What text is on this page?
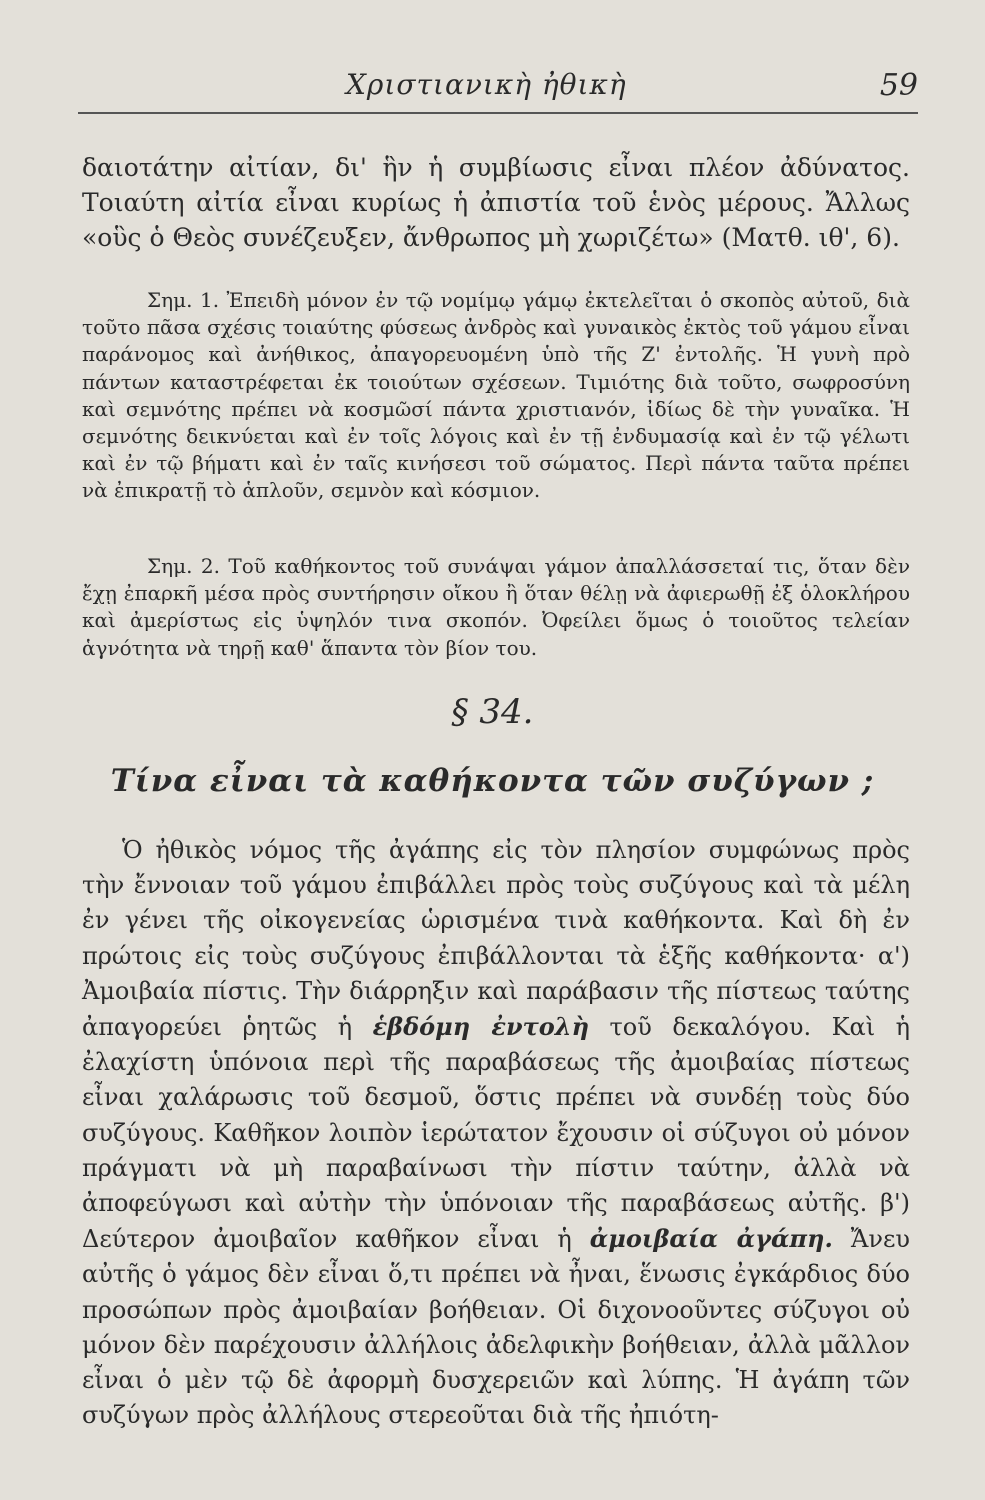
Χριστιανικὴ ἠθικὴ	59

δαιοτάτην αἰτίαν, δι' ἣν ἡ συμβίωσις εἶναι πλέον ἀδύνατος. Τοιαύτη αἰτία εἶναι κυρίως ἡ ἀπιστία τοῦ ἑνὸς μέρους. Ἄλλως «οὓς ὁ Θεὸς συνέζευξεν, ἄνθρωπος μὴ χωριζέτω» (Ματθ. ιθ', 6).

Σημ. 1. Ἐπειδὴ μόνον ἐν τῷ νομίμῳ γάμῳ ἐκτελεῖται ὁ σκοπὸς αὐτοῦ, διὰ τοῦτο πᾶσα σχέσις τοιαύτης φύσεως ἀνδρὸς καὶ γυναικὸς ἐκτὸς τοῦ γάμου εἶναι παράνομος καὶ ἀνήθικος, ἀπαγορευομένη ὑπὸ τῆς Ζ' ἐντολῆς. Ἡ γυνὴ πρὸ πάντων καταστρέφεται ἐκ τοιούτων σχέσεων. Τιμιότης διὰ τοῦτο, σωφροσύνη καὶ σεμνότης πρέπει νὰ κοσμῶσί πάντα χριστιανόν, ἰδίως δὲ τὴν γυναῖκα. Ἡ σεμνότης δεικνύεται καὶ ἐν τοῖς λόγοις καὶ ἐν τῇ ἐνδυμασίᾳ καὶ ἐν τῷ γέλωτι καὶ ἐν τῷ βήματι καὶ ἐν ταῖς κινήσεσι τοῦ σώματος. Περὶ πάντα ταῦτα πρέπει νὰ ἐπικρατῇ τὸ ἁπλοῦν, σεμνὸν καὶ κόσμιον.

Σημ. 2. Τοῦ καθήκοντος τοῦ συνάψαι γάμον ἀπαλλάσσεταί τις, ὅταν δὲν ἔχῃ ἐπαρκῆ μέσα πρὸς συντήρησιν οἴκου ἢ ὅταν θέλῃ νὰ ἀφιερωθῇ ἐξ ὁλοκλήρου καὶ ἀμερίστως εἰς ὑψηλόν τινα σκοπόν. Ὀφείλει ὅμως ὁ τοιοῦτος τελείαν ἁγνότητα νὰ τηρῇ καθ' ἅπαντα τὸν βίον του.

§ 34.
Τίνα εἶναι τὰ καθήκοντα τῶν συζύγων ;

Ὁ ἠθικὸς νόμος τῆς ἀγάπης εἰς τὸν πλησίον συμφώνως πρὸς τὴν ἔννοιαν τοῦ γάμου ἐπιβάλλει πρὸς τοὺς συζύγους καὶ τὰ μέλη ἐν γένει τῆς οἰκογενείας ὡρισμένα τινὰ καθήκοντα. Καὶ δὴ ἐν πρώτοις εἰς τοὺς συζύγους ἐπιβάλλονται τὰ ἑξῆς καθήκοντα· α') Ἀμοιβαία πίστις. Τὴν διάρρηξιν καὶ παράβασιν τῆς πίστεως ταύτης ἀπαγορεύει ῥητῶς ἡ ἑβδόμη ἐντολὴ τοῦ δεκαλόγου. Καὶ ἡ ἐλαχίστη ὑπόνοια περὶ τῆς παραβάσεως τῆς ἀμοιβαίας πίστεως εἶναι χαλάρωσις τοῦ δεσμοῦ, ὅστις πρέπει νὰ συνδέῃ τοὺς δύο συζύγους. Καθῆκον λοιπὸν ἱερώτατον ἔχουσιν οἱ σύζυγοι οὐ μόνον πράγματι νὰ μὴ παραβαίνωσι τὴν πίστιν ταύτην, ἀλλὰ νὰ ἀποφεύγωσι καὶ αὐτὴν τὴν ὑπόνοιαν τῆς παραβάσεως αὐτῆς. β') Δεύτερον ἀμοιβαῖον καθῆκον εἶναι ἡ ἀμοιβαία ἀγάπη. Ἄνευ αὐτῆς ὁ γάμος δὲν εἶναι ὅ,τι πρέπει νὰ ἦναι, ἕνωσις ἐγκάρδιος δύο προσώπων πρὸς ἀμοιβαίαν βοήθειαν. Οἱ διχονοοῦντες σύζυγοι οὐ μόνον δὲν παρέχουσιν ἀλλήλοις ἀδελφικὴν βοήθειαν, ἀλλὰ μᾶλλον εἶναι ὁ μὲν τῷ δὲ ἀφορμὴ δυσχερειῶν καὶ λύπης. Ἡ ἀγάπη τῶν συζύγων πρὸς ἀλλήλους στερεοῦται διὰ τῆς ἠπιότη-
